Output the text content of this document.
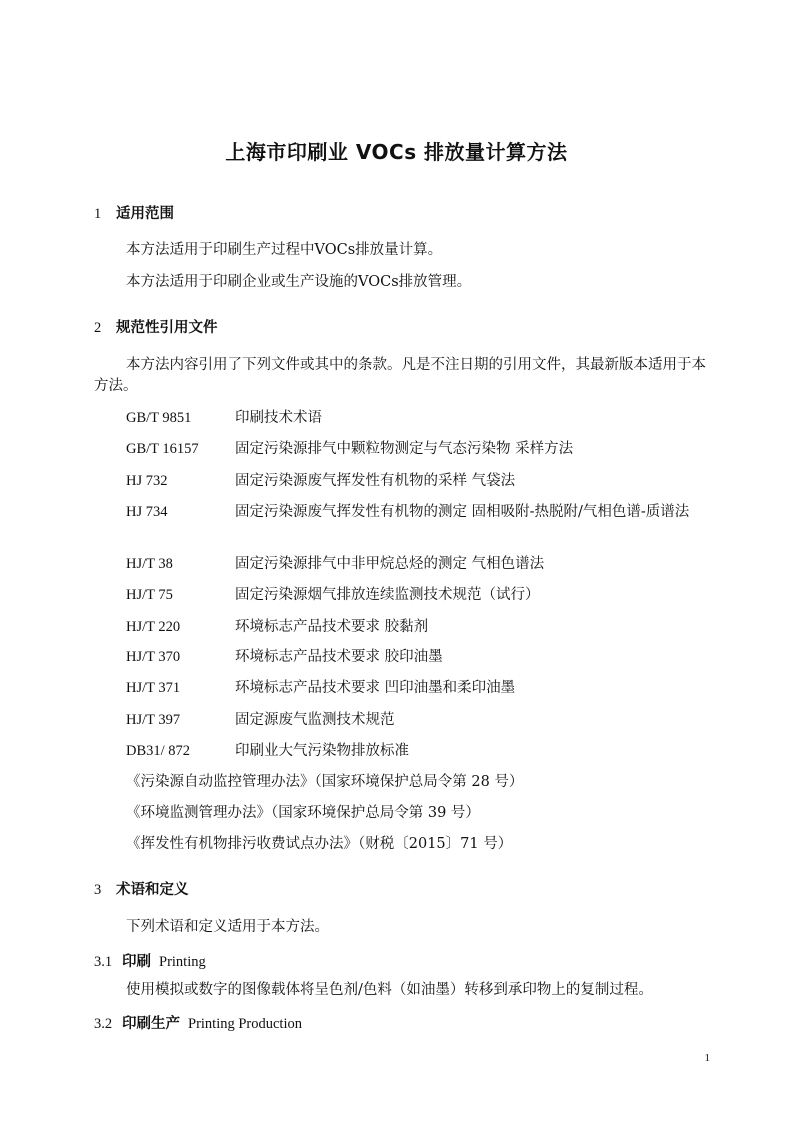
上海市印刷业 VOCs 排放量计算方法
1 适用范围
本方法适用于印刷生产过程中VOCs排放量计算。
本方法适用于印刷企业或生产设施的VOCs排放管理。
2 规范性引用文件
本方法内容引用了下列文件或其中的条款。凡是不注日期的引用文件，其最新版本适用于本方法。
GB/T 9851	印刷技术术语
GB/T 16157	固定污染源排气中颗粒物测定与气态污染物 采样方法
HJ 732	固定污染源废气挥发性有机物的采样 气袋法
HJ 734	固定污染源废气挥发性有机物的测定 固相吸附-热脱附/气相色谱-质谱法
HJ/T 38	固定污染源排气中非甲烷总烃的测定 气相色谱法
HJ/T 75	固定污染源烟气排放连续监测技术规范（试行）
HJ/T 220	环境标志产品技术要求 胶黏剂
HJ/T 370	环境标志产品技术要求 胶印油墨
HJ/T 371	环境标志产品技术要求 凹印油墨和柔印油墨
HJ/T 397	固定源废气监测技术规范
DB31/ 872	印刷业大气污染物排放标准
《污染源自动监控管理办法》（国家环境保护总局令第 28 号）
《环境监测管理办法》（国家环境保护总局令第 39 号）
《挥发性有机物排污收费试点办法》（财税〔2015〕71 号）
3 术语和定义
下列术语和定义适用于本方法。
3.1 印刷 Printing
使用模拟或数字的图像载体将呈色剂/色料（如油墨）转移到承印物上的复制过程。
3.2 印刷生产 Printing Production
1
